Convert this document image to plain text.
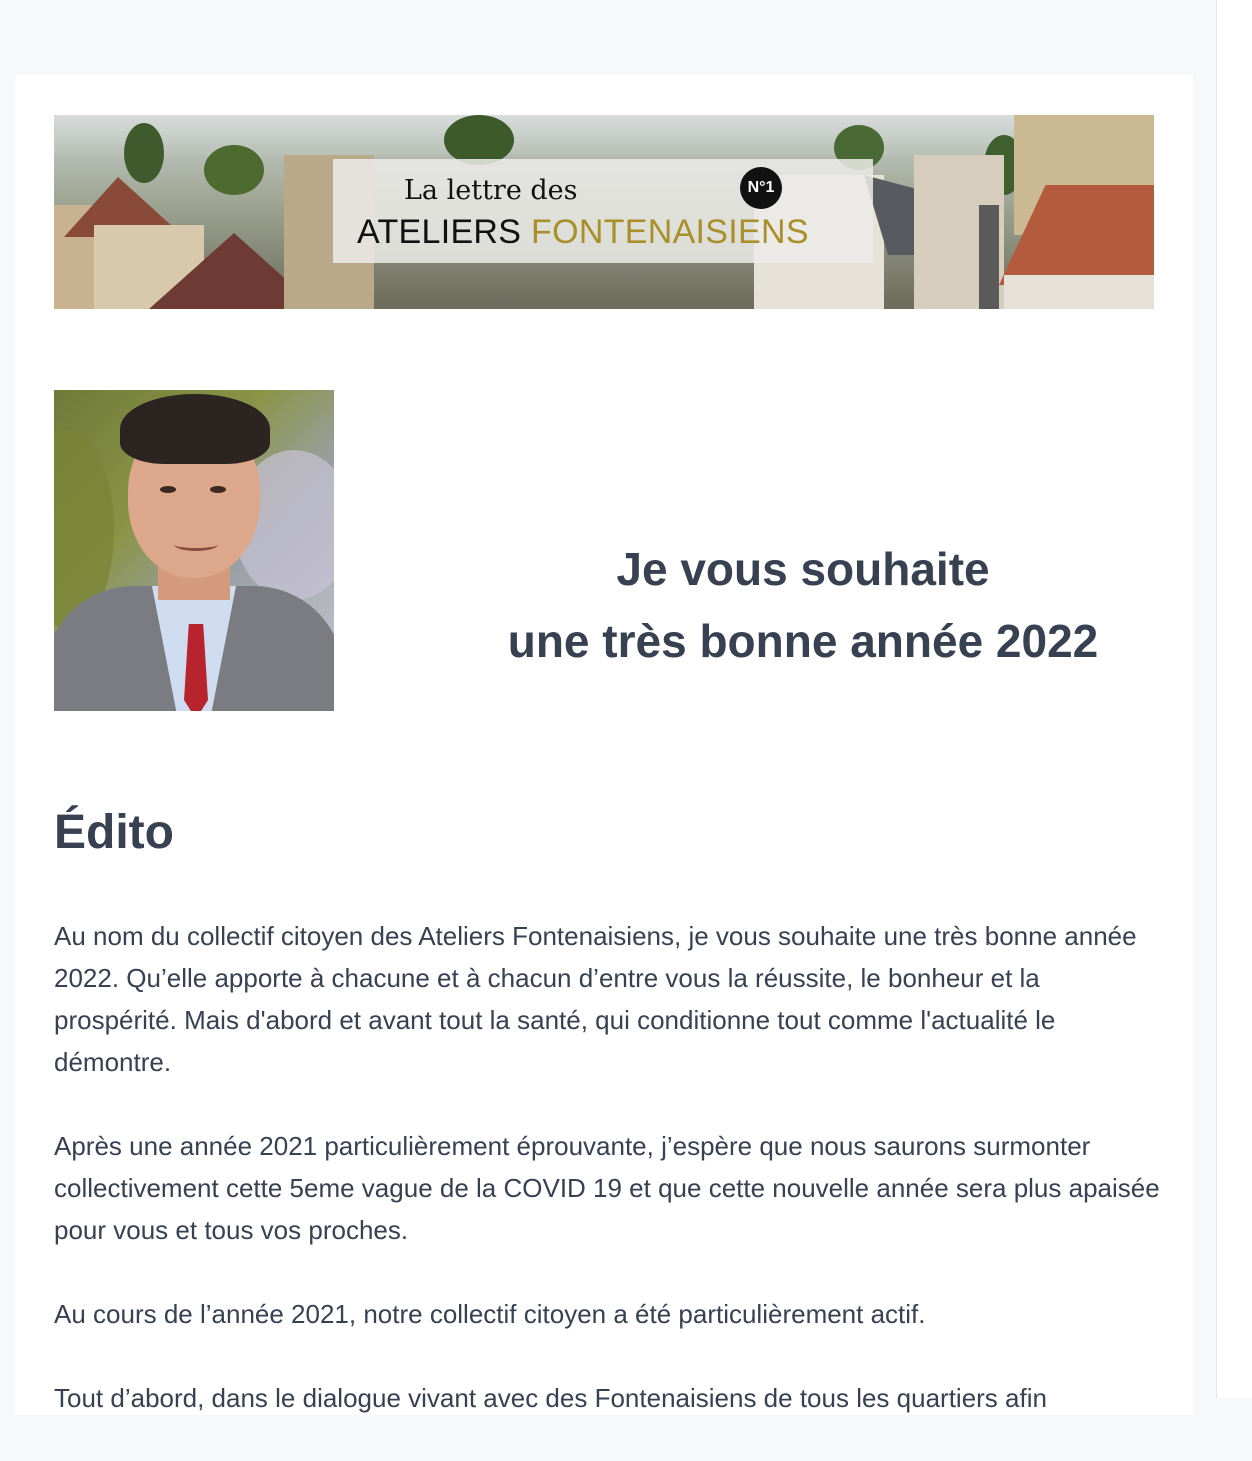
La lettre des
ATELIERS FONTENAISIENS
N°1
Je vous souhaite
une très bonne année 2022
Édito

Au nom du collectif citoyen des Ateliers Fontenaisiens, je vous souhaite une très bonne année 2022. Qu’elle apporte à chacune et à chacun d’entre vous la réussite, le bonheur et la prospérité. Mais d'abord et avant tout la santé, qui conditionne tout comme l'actualité le démontre.

Après une année 2021 particulièrement éprouvante, j’espère que nous saurons surmonter collectivement cette 5eme vague de la COVID 19 et que cette nouvelle année sera plus apaisée pour vous et tous vos proches.

Au cours de l’année 2021, notre collectif citoyen a été particulièrement actif.

Tout d’abord, dans le dialogue vivant avec des Fontenaisiens de tous les quartiers afin
